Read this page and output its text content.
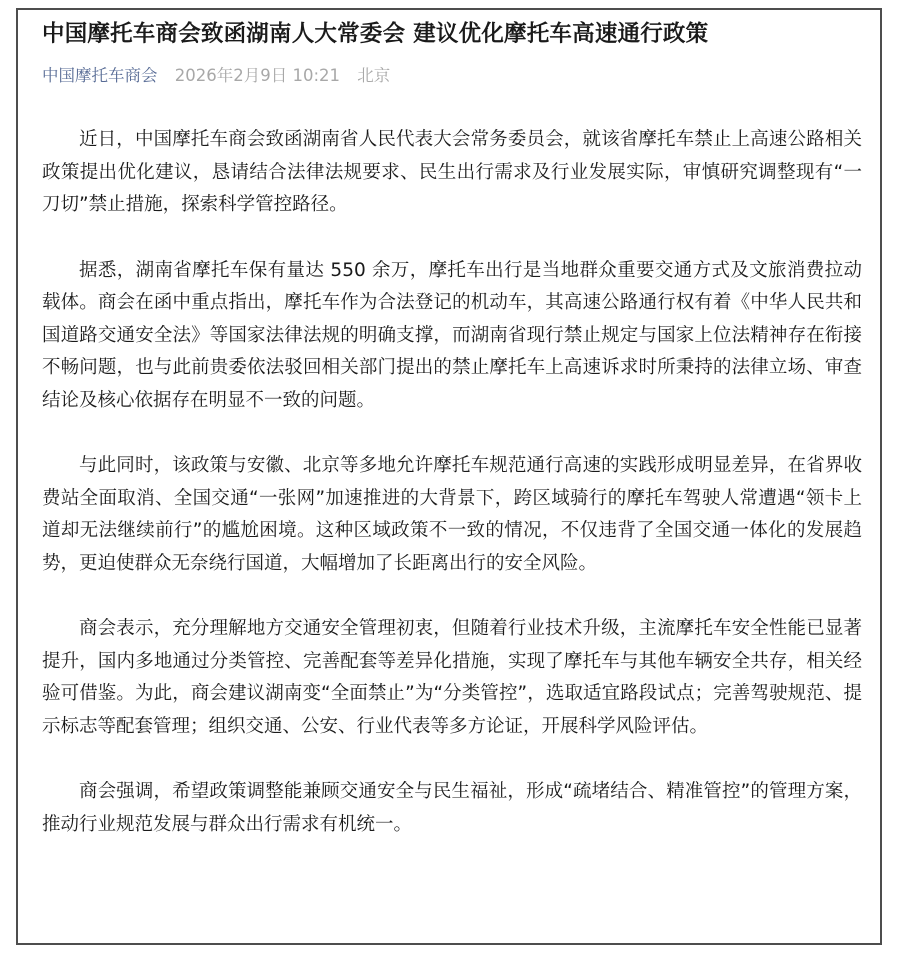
中国摩托车商会致函湖南人大常委会 建议优化摩托车高速通行政策
中国摩托车商会 2026年2月9日 10:21 北京

近日，中国摩托车商会致函湖南省人民代表大会常务委员会，就该省摩托车禁止上高速公路相关政策提出优化建议，恳请结合法律法规要求、民生出行需求及行业发展实际，审慎研究调整现有“一刀切”禁止措施，探索科学管控路径。

据悉，湖南省摩托车保有量达 550 余万，摩托车出行是当地群众重要交通方式及文旅消费拉动载体。商会在函中重点指出，摩托车作为合法登记的机动车，其高速公路通行权有着《中华人民共和国道路交通安全法》等国家法律法规的明确支撑，而湖南省现行禁止规定与国家上位法精神存在衔接不畅问题，也与此前贵委依法驳回相关部门提出的禁止摩托车上高速诉求时所秉持的法律立场、审查结论及核心依据存在明显不一致的问题。

与此同时，该政策与安徽、北京等多地允许摩托车规范通行高速的实践形成明显差异，在省界收费站全面取消、全国交通“一张网”加速推进的大背景下，跨区域骑行的摩托车驾驶人常遭遇“领卡上道却无法继续前行”的尴尬困境。这种区域政策不一致的情况，不仅违背了全国交通一体化的发展趋势，更迫使群众无奈绕行国道，大幅增加了长距离出行的安全风险。

商会表示，充分理解地方交通安全管理初衷，但随着行业技术升级，主流摩托车安全性能已显著提升，国内多地通过分类管控、完善配套等差异化措施，实现了摩托车与其他车辆安全共存，相关经验可借鉴。为此，商会建议湖南变“全面禁止”为“分类管控”，选取适宜路段试点；完善驾驶规范、提示标志等配套管理；组织交通、公安、行业代表等多方论证，开展科学风险评估。

商会强调，希望政策调整能兼顾交通安全与民生福祉，形成“疏堵结合、精准管控”的管理方案，推动行业规范发展与群众出行需求有机统一。
